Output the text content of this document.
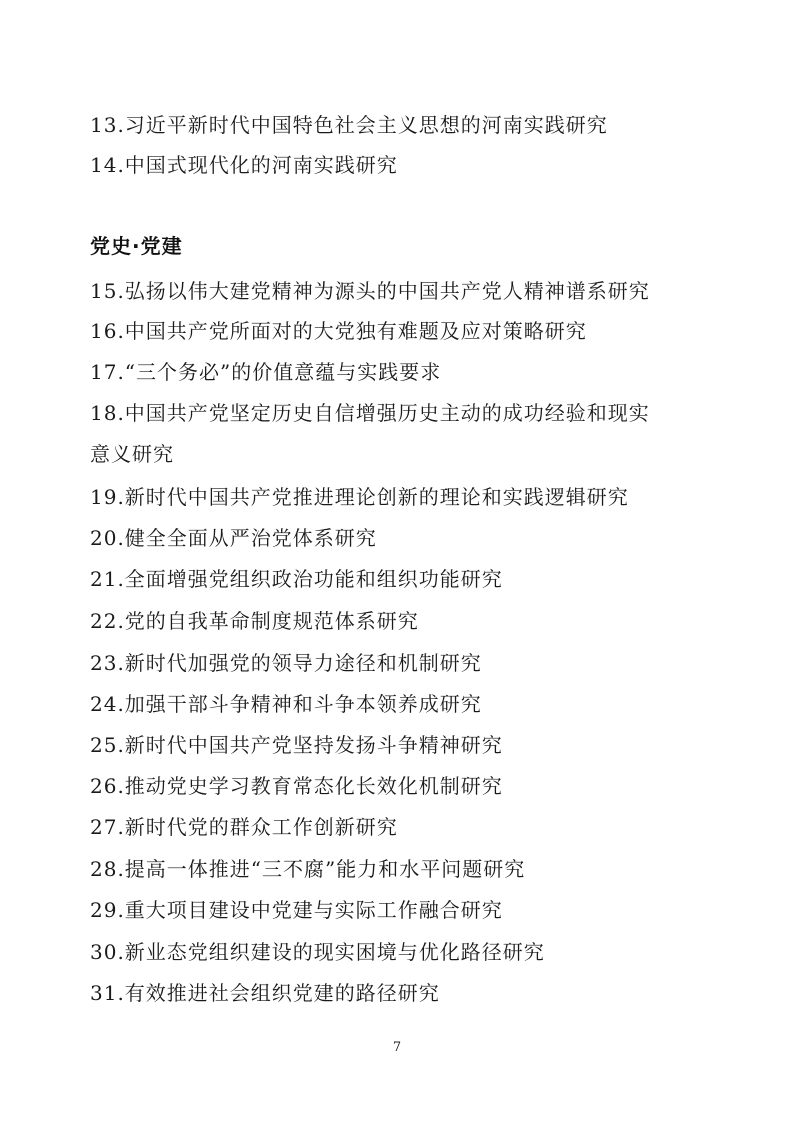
13.习近平新时代中国特色社会主义思想的河南实践研究
14.中国式现代化的河南实践研究
党史·党建
15.弘扬以伟大建党精神为源头的中国共产党人精神谱系研究
16.中国共产党所面对的大党独有难题及应对策略研究
17.“三个务必”的价值意蕴与实践要求
18.中国共产党坚定历史自信增强历史主动的成功经验和现实
意义研究
19.新时代中国共产党推进理论创新的理论和实践逻辑研究
20.健全全面从严治党体系研究
21.全面增强党组织政治功能和组织功能研究
22.党的自我革命制度规范体系研究
23.新时代加强党的领导力途径和机制研究
24.加强干部斗争精神和斗争本领养成研究
25.新时代中国共产党坚持发扬斗争精神研究
26.推动党史学习教育常态化长效化机制研究
27.新时代党的群众工作创新研究
28.提高一体推进“三不腐”能力和水平问题研究
29.重大项目建设中党建与实际工作融合研究
30.新业态党组织建设的现实困境与优化路径研究
31.有效推进社会组织党建的路径研究
7
